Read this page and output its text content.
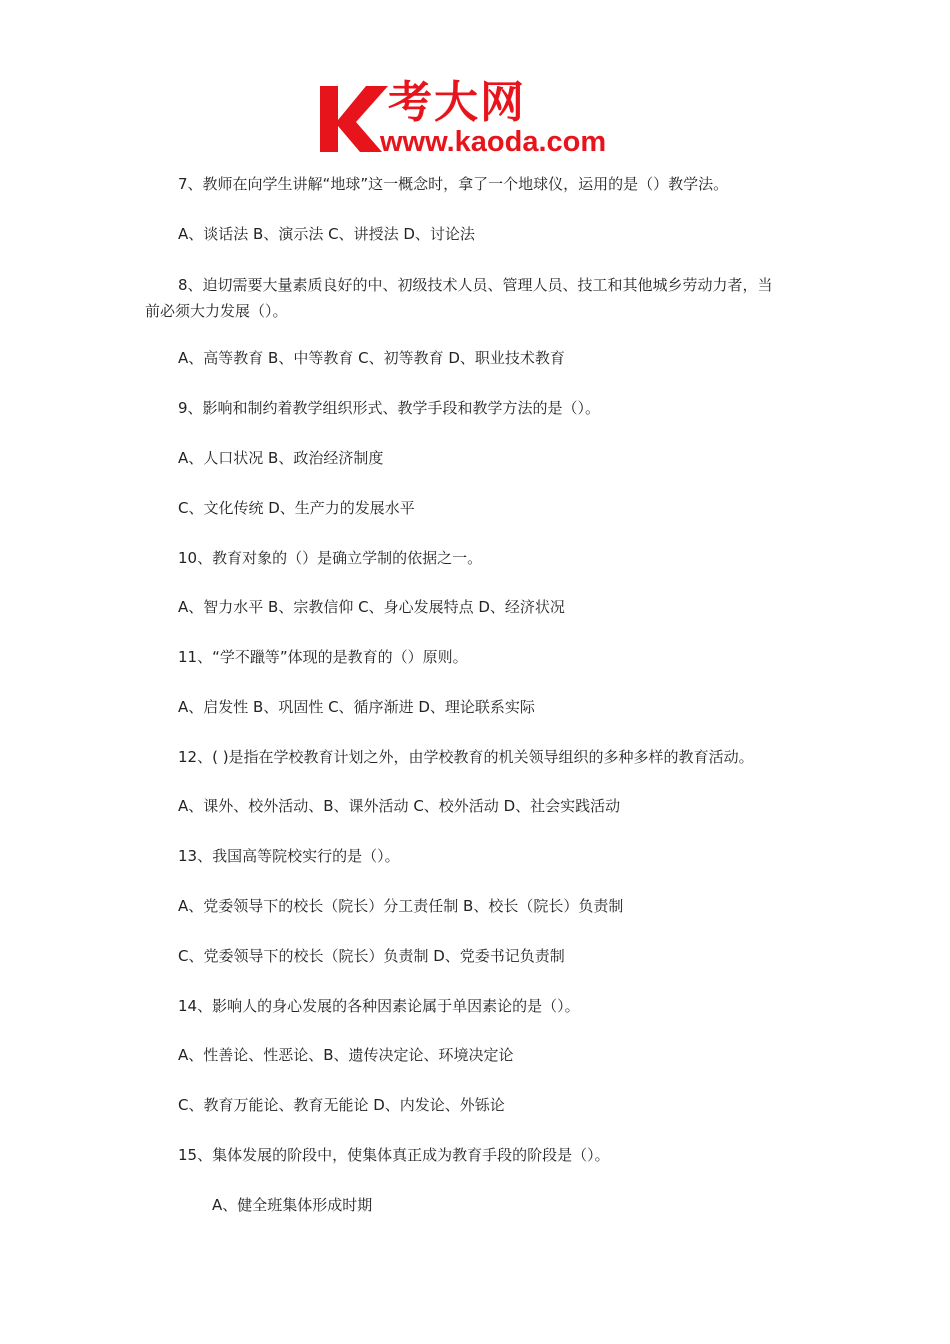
考大网
www.kaoda.com
7、教师在向学生讲解“地球”这一概念时，拿了一个地球仪，运用的是（）教学法。
A、谈话法 B、演示法 C、讲授法 D、讨论法
8、迫切需要大量素质良好的中、初级技术人员、管理人员、技工和其他城乡劳动力者，当
前必须大力发展（）。
A、高等教育 B、中等教育 C、初等教育 D、职业技术教育
9、影响和制约着教学组织形式、教学手段和教学方法的是（）。
A、人口状况 B、政治经济制度
C、文化传统 D、生产力的发展水平
10、教育对象的（）是确立学制的依据之一。
A、智力水平 B、宗教信仰 C、身心发展特点 D、经济状况
11、“学不躐等”体现的是教育的（）原则。
A、启发性 B、巩固性 C、循序渐进 D、理论联系实际
12、( )是指在学校教育计划之外，由学校教育的机关领导组织的多种多样的教育活动。
A、课外、校外活动、B、课外活动 C、校外活动 D、社会实践活动
13、我国高等院校实行的是（）。
A、党委领导下的校长（院长）分工责任制 B、校长（院长）负责制
C、党委领导下的校长（院长）负责制 D、党委书记负责制
14、影响人的身心发展的各种因素论属于单因素论的是（）。
A、性善论、性恶论、B、遗传决定论、环境决定论
C、教育万能论、教育无能论 D、内发论、外铄论
15、集体发展的阶段中，使集体真正成为教育手段的阶段是（）。
A、健全班集体形成时期
